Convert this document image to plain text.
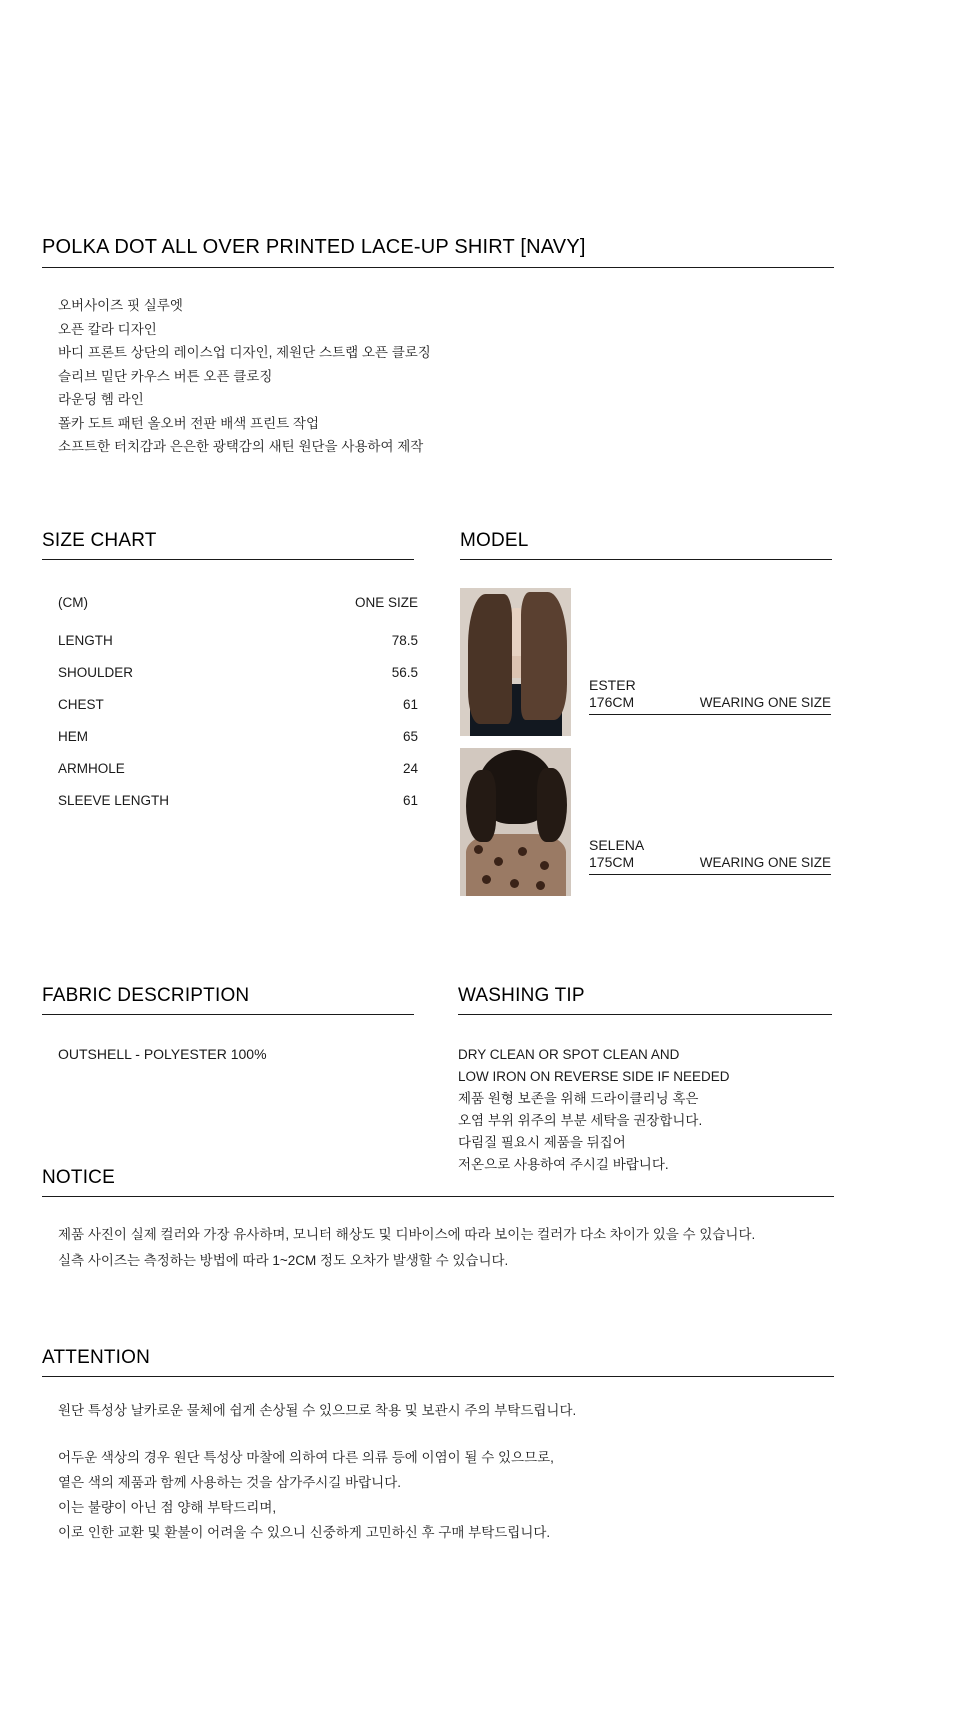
POLKA DOT ALL OVER PRINTED LACE-UP SHIRT [NAVY]
오버사이즈 핏 실루엣
오픈 칼라 디자인
바디 프론트 상단의 레이스업 디자인, 제원단 스트랩 오픈 클로징
슬리브 밑단 카우스 버튼 오픈 클로징
라운딩 헴 라인
폴카 도트 패턴 올오버 전판 배색 프린트 작업
소프트한 터치감과 은은한 광택감의 새틴 원단을 사용하여 제작
SIZE CHART
(CM)	ONE SIZE
LENGTH	78.5
SHOULDER	56.5
CHEST	61
HEM	65
ARMHOLE	24
SLEEVE LENGTH	61
MODEL
ESTER
176CM	WEARING ONE SIZE
SELENA
175CM	WEARING ONE SIZE
FABRIC DESCRIPTION
OUTSHELL - POLYESTER 100%
WASHING TIP

DRY CLEAN OR SPOT CLEAN AND

LOW IRON ON REVERSE SIDE IF NEEDED

제품 원형 보존을 위해 드라이클리닝 혹은

오염 부위 위주의 부분 세탁을 권장합니다.

다림질 필요시 제품을 뒤집어

저온으로 사용하여 주시길 바랍니다.

NOTICE

제품 사진이 실제 컬러와 가장 유사하며, 모니터 해상도 및 디바이스에 따라 보이는 컬러가 다소 차이가 있을 수 있습니다.

실측 사이즈는 측정하는 방법에 따라 1~2CM 정도 오차가 발생할 수 있습니다.

ATTENTION

원단 특성상 날카로운 물체에 쉽게 손상될 수 있으므로 착용 및 보관시 주의 부탁드립니다.

어두운 색상의 경우 원단 특성상 마찰에 의하여 다른 의류 등에 이염이 될 수 있으므로,

옅은 색의 제품과 함께 사용하는 것을 삼가주시길 바랍니다.

이는 불량이 아닌 점 양해 부탁드리며,

이로 인한 교환 및 환불이 어려울 수 있으니 신중하게 고민하신 후 구매 부탁드립니다.
